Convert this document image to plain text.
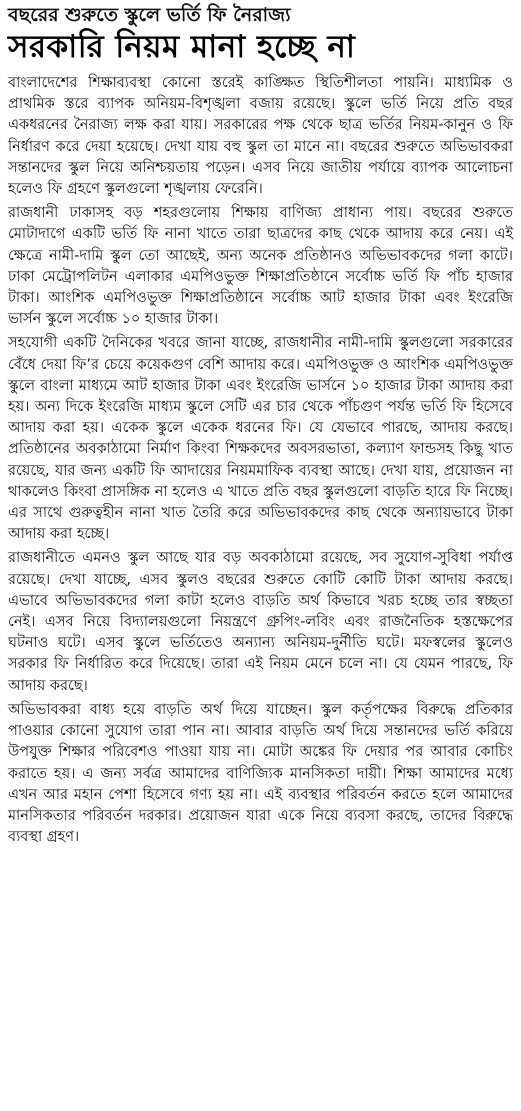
বছরের শুরুতে স্কুলে ভর্তি ফি নৈরাজ্য
সরকারি নিয়ম মানা হচ্ছে না

বাংলাদেশের শিক্ষাব্যবস্থা কোনো স্তরেই কাঙ্ক্ষিত স্থিতিশীলতা পায়নি। মাধ্যমিক ও প্রাথমিক স্তরে ব্যাপক অনিয়ম-বিশৃঙ্খলা বজায় রয়েছে। স্কুলে ভর্তি নিয়ে প্রতি বছর একধরনের নৈরাজ্য লক্ষ করা যায়। সরকারের পক্ষ থেকে ছাত্র ভর্তির নিয়ম-কানুন ও ফি নির্ধারণ করে দেয়া হয়েছে। দেখা যায় বহু স্কুল তা মানে না। বছরের শুরুতে অভিভাবকরা সন্তানদের স্কুল নিয়ে অনিশ্চয়তায় পড়েন। এসব নিয়ে জাতীয় পর্যায়ে ব্যাপক আলোচনা হলেও ফি গ্রহণে স্কুলগুলো শৃঙ্খলায় ফেরেনি।

রাজধানী ঢাকাসহ বড় শহরগুলোয় শিক্ষায় বাণিজ্য প্রাধান্য পায়। বছরের শুরুতে মোটাদাগে একটি ভর্তি ফি নানা খাতে তারা ছাত্রদের কাছ থেকে আদায় করে নেয়। এই ক্ষেত্রে নামী-দামি স্কুল তো আছেই, অন্য অনেক প্রতিষ্ঠানও অভিভাবকদের গলা কাটে। ঢাকা মেট্রোপলিটন এলাকার এমপিওভুক্ত শিক্ষাপ্রতিষ্ঠানে সর্বোচ্চ ভর্তি ফি পাঁচ হাজার টাকা। আংশিক এমপিওভুক্ত শিক্ষাপ্রতিষ্ঠানে সর্বোচ্চ আট হাজার টাকা এবং ইংরেজি ভার্সন স্কুলে সর্বোচ্চ ১০ হাজার টাকা।

সহযোগী একটি দৈনিকের খবরে জানা যাচ্ছে, রাজধানীর নামী-দামি স্কুলগুলো সরকারের বেঁধে দেয়া ফি’র চেয়ে কয়েকগুণ বেশি আদায় করে। এমপিওভুক্ত ও আংশিক এমপিওভুক্ত স্কুলে বাংলা মাধ্যমে আট হাজার টাকা এবং ইংরেজি ভার্সনে ১০ হাজার টাকা আদায় করা হয়। অন্য দিকে ইংরেজি মাধ্যম স্কুলে সেটি এর চার থেকে পাঁচগুণ পর্যন্ত ভর্তি ফি হিসেবে আদায় করা হয়। একেক স্কুলে একেক ধরনের ফি। যে যেভাবে পারছে, আদায় করছে। প্রতিষ্ঠানের অবকাঠামো নির্মাণ কিংবা শিক্ষকদের অবসরভাতা, কল্যাণ ফান্ডসহ কিছু খাত রয়েছে, যার জন্য একটি ফি আদায়ের নিয়মমাফিক ব্যবস্থা আছে। দেখা যায়, প্রয়োজন না থাকলেও কিংবা প্রাসঙ্গিক না হলেও এ খাতে প্রতি বছর স্কুলগুলো বাড়তি হারে ফি নিচ্ছে। এর সাথে গুরুত্বহীন নানা খাত তৈরি করে অভিভাবকদের কাছ থেকে অন্যায়ভাবে টাকা আদায় করা হচ্ছে।

রাজধানীতে এমনও স্কুল আছে যার বড় অবকাঠামো রয়েছে, সব সুযোগ-সুবিধা পর্যাপ্ত রয়েছে। দেখা যাচ্ছে, এসব স্কুলও বছরের শুরুতে কোটি কোটি টাকা আদায় করছে। এভাবে অভিভাবকদের গলা কাটা হলেও বাড়তি অর্থ কিভাবে খরচ হচ্ছে তার স্বচ্ছতা নেই। এসব নিয়ে বিদ্যালয়গুলো নিয়ন্ত্রণে গ্রুপিং-লবিং এবং রাজনৈতিক হস্তক্ষেপের ঘটনাও ঘটে। এসব স্কুলে ভর্তিতেও অন্যান্য অনিয়ম-দুর্নীতি ঘটে। মফস্বলের স্কুলেও সরকার ফি নির্ধারিত করে দিয়েছে। তারা এই নিয়ম মেনে চলে না। যে যেমন পারছে, ফি আদায় করছে।

অভিভাবকরা বাধ্য হয়ে বাড়তি অর্থ দিয়ে যাচ্ছেন। স্কুল কর্তৃপক্ষের বিরুদ্ধে প্রতিকার পাওয়ার কোনো সুযোগ তারা পান না। আবার বাড়তি অর্থ দিয়ে সন্তানদের ভর্তি করিয়ে উপযুক্ত শিক্ষার পরিবেশও পাওয়া যায় না। মোটা অঙ্কের ফি দেয়ার পর আবার কোচিং করাতে হয়। এ জন্য সর্বত্র আমাদের বাণিজ্যিক মানসিকতা দায়ী। শিক্ষা আমাদের মধ্যে এখন আর মহান পেশা হিসেবে গণ্য হয় না। এই ব্যবস্থার পরিবর্তন করতে হলে আমাদের মানসিকতার পরিবর্তন দরকার। প্রয়োজন যারা একে নিয়ে ব্যবসা করছে, তাদের বিরুদ্ধে ব্যবস্থা গ্রহণ।
